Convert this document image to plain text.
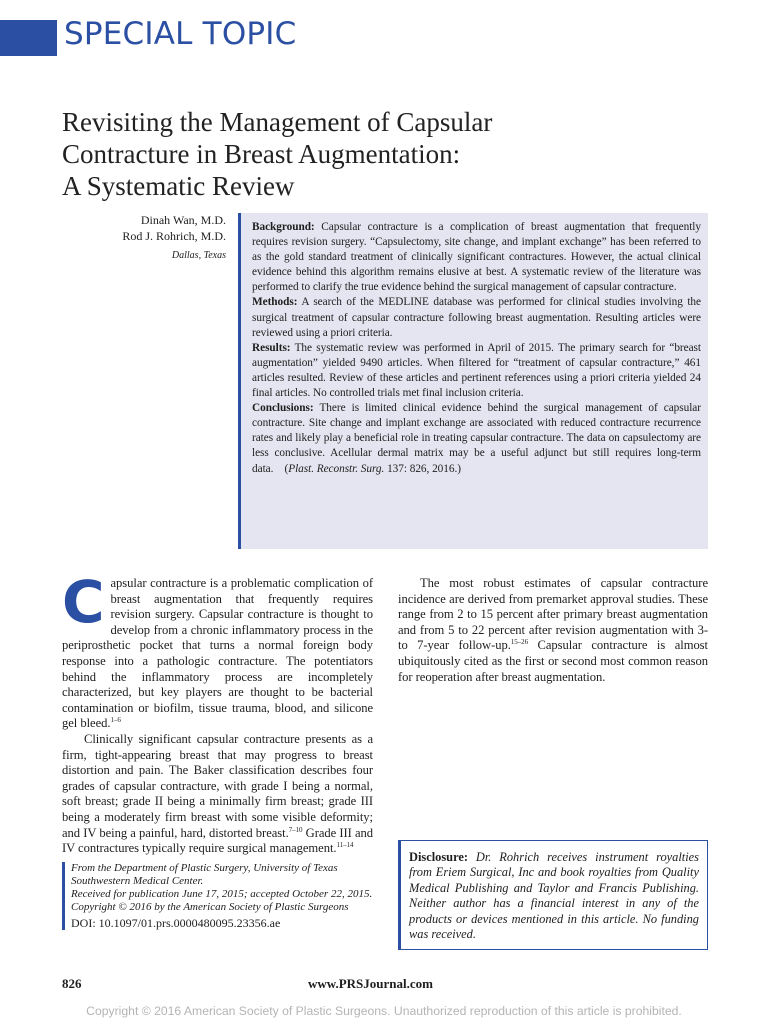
SPECIAL TOPIC
Revisiting the Management of Capsular
Contracture in Breast Augmentation:
A Systematic Review
Dinah Wan, M.D.
Rod J. Rohrich, M.D.
Dallas, Texas

Background: Capsular contracture is a complication of breast augmentation that frequently requires revision surgery. “Capsulectomy, site change, and implant exchange” has been referred to as the gold standard treatment of clinically significant contractures. However, the actual clinical evidence behind this algorithm remains elusive at best. A systematic review of the literature was performed to clarify the true evidence behind the surgical management of capsular contracture.

Methods: A search of the MEDLINE database was performed for clinical studies involving the surgical treatment of capsular contracture following breast augmentation. Resulting articles were reviewed using a priori criteria.

Results: The systematic review was performed in April of 2015. The primary search for “breast augmentation” yielded 9490 articles. When filtered for “treatment of capsular contracture,” 461 articles resulted. Review of these articles and pertinent references using a priori criteria yielded 24 final articles. No controlled trials met final inclusion criteria.

Conclusions: There is limited clinical evidence behind the surgical management of capsular contracture. Site change and implant exchange are associated with reduced contracture recurrence rates and likely play a beneficial role in treating capsular contracture. The data on capsulectomy are less conclusive. Acellular dermal matrix may be a useful adjunct but still requires long-term data. (Plast. Reconstr. Surg. 137: 826, 2016.)

Capsular contracture is a problematic complication of breast augmentation that frequently requires revision surgery. Capsular contracture is thought to develop from a chronic inflammatory process in the periprosthetic pocket that turns a normal foreign body response into a pathologic contracture. The potentiators behind the inflammatory process are incompletely characterized, but key players are thought to be bacterial contamination or biofilm, tissue trauma, blood, and silicone gel bleed.$^{1-6}$

Clinically significant capsular contracture presents as a firm, tight-appearing breast that may progress to breast distortion and pain. The Baker classification describes four grades of capsular contracture, with grade I being a normal, soft breast; grade II being a minimally firm breast; grade III being a moderately firm breast with some visible deformity; and IV being a painful, hard, distorted breast.$^{7-10}$ Grade III and IV contractures typically require surgical management.$^{11-14}$

The most robust estimates of capsular contracture incidence are derived from premarket approval studies. These range from 2 to 15 percent after primary breast augmentation and from 5 to 22 percent after revision augmentation with 3- to 7-year follow-up.$^{15-26}$ Capsular contracture is almost ubiquitously cited as the first or second most common reason for reoperation after breast augmentation.

From the Department of Plastic Surgery, University of Texas Southwestern Medical Center.
Received for publication June 17, 2015; accepted October 22, 2015.
Copyright © 2016 by the American Society of Plastic Surgeons
DOI: 10.1097/01.prs.0000480095.23356.ae
Disclosure: Dr. Rohrich receives instrument royalties from Eriem Surgical, Inc and book royalties from Quality Medical Publishing and Taylor and Francis Publishing. Neither author has a financial interest in any of the products or devices mentioned in this article. No funding was received.
826	www.PRSJournal.com
Copyright © 2016 American Society of Plastic Surgeons. Unauthorized reproduction of this article is prohibited.
